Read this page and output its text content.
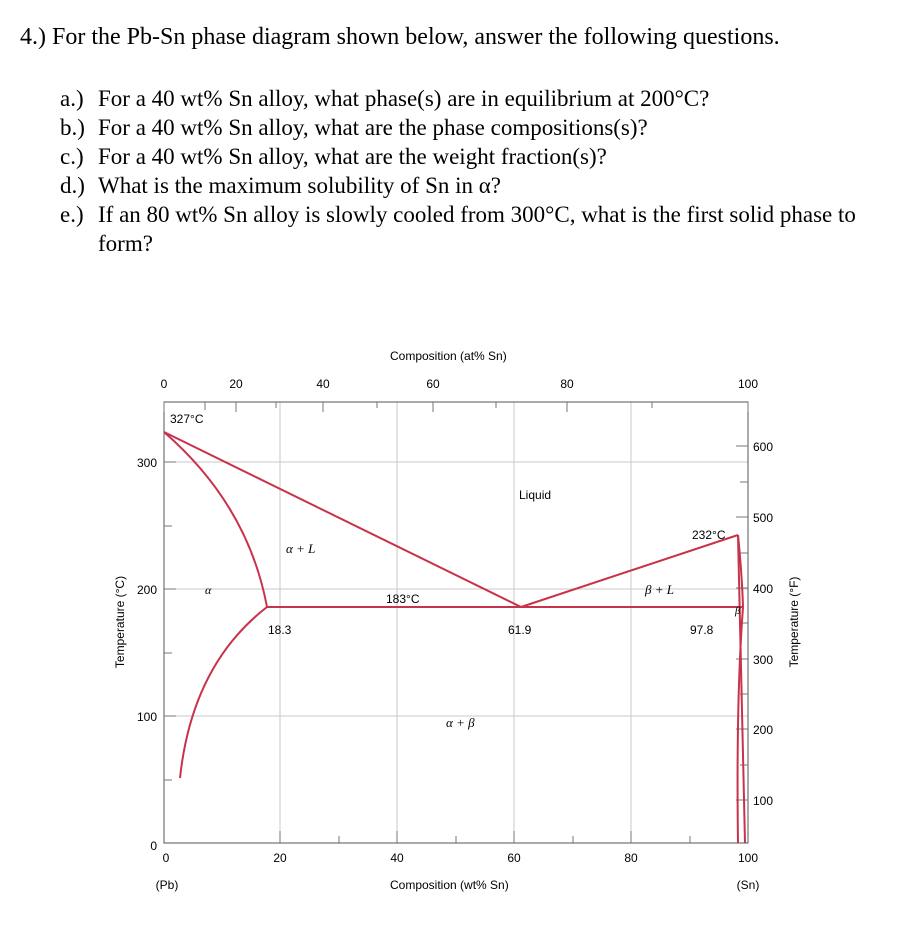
4.) For the Pb-Sn phase diagram shown below, answer the following questions.
a.) For a 40 wt% Sn alloy, what phase(s) are in equilibrium at 200°C?
b.) For a 40 wt% Sn alloy, what are the phase compositions(s)?
c.) For a 40 wt% Sn alloy, what are the weight fraction(s)?
d.) What is the maximum solubility of Sn in α?
e.) If an 80 wt% Sn alloy is slowly cooled from 300°C, what is the first solid phase to
form?
Composition (at% Sn)
0	20	40	60	80	100
0	20	40	60	80	100
Composition (wt% Sn)
(Pb)	(Sn)
0
100
200
300
Temperature (°C)
100
200
300
400
500
600
Temperature (°F)
Liquid
α + L
β + L
α
β
α + β
327°C
232°C
183°C
18.3	61.9	97.8
